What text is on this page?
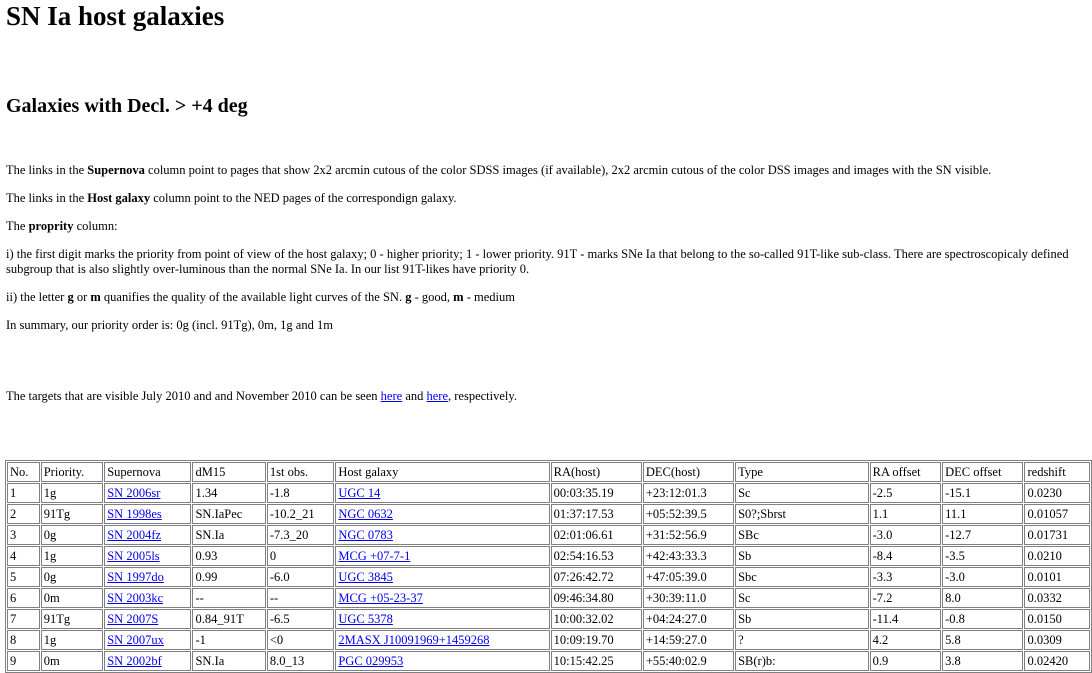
SN Ia host galaxies
Galaxies with Decl. > +4 deg

The links in the Supernova column point to pages that show 2x2 arcmin cutous of the color SDSS images (if available), 2x2 arcmin cutous of the color DSS images and images with the SN visible.

The links in the Host galaxy column point to the NED pages of the correspondign galaxy.

The proprity column:

i) the first digit marks the priority from point of view of the host galaxy; 0 - higher priority; 1 - lower priority. 91T - marks SNe Ia that belong to the so-called 91T-like sub-class. There are spectroscopicaly defined subgroup that is also slightly over-luminous than the normal SNe Ia. In our list 91T-likes have priority 0.

ii) the letter g or m quanifies the quality of the available light curves of the SN. g - good, m - medium

In summary, our priority order is: 0g (incl. 91Tg), 0m, 1g and 1m

The targets that are visible July 2010 and and November 2010 can be seen here and here, respectively.

No.	Priority.	Supernova	dM15	1st obs.	Host galaxy	RA(host)	DEC(host)	Type	RA offset	DEC offset	redshift
1	1g	SN 2006sr	1.34	-1.8	UGC 14	00:03:35.19	+23:12:01.3	Sc	-2.5	-15.1	0.0230
2	91Tg	SN 1998es	SN.IaPec	-10.2_21	NGC 0632	01:37:17.53	+05:52:39.5	S0?;Sbrst	1.1	11.1	0.01057
3	0g	SN 2004fz	SN.Ia	-7.3_20	NGC 0783	02:01:06.61	+31:52:56.9	SBc	-3.0	-12.7	0.01731
4	1g	SN 2005ls	0.93	0	MCG +07-7-1	02:54:16.53	+42:43:33.3	Sb	-8.4	-3.5	0.0210
5	0g	SN 1997do	0.99	-6.0	UGC 3845	07:26:42.72	+47:05:39.0	Sbc	-3.3	-3.0	0.0101
6	0m	SN 2003kc	--	--	MCG +05-23-37	09:46:34.80	+30:39:11.0	Sc	-7.2	8.0	0.0332
7	91Tg	SN 2007S	0.84_91T	-6.5	UGC 5378	10:00:32.02	+04:24:27.0	Sb	-11.4	-0.8	0.0150
8	1g	SN 2007ux	-1	<0	2MASX J10091969+1459268	10:09:19.70	+14:59:27.0	?	4.2	5.8	0.0309
9	0m	SN 2002bf	SN.Ia	8.0_13	PGC 029953	10:15:42.25	+55:40:02.9	SB(r)b:	0.9	3.8	0.02420
